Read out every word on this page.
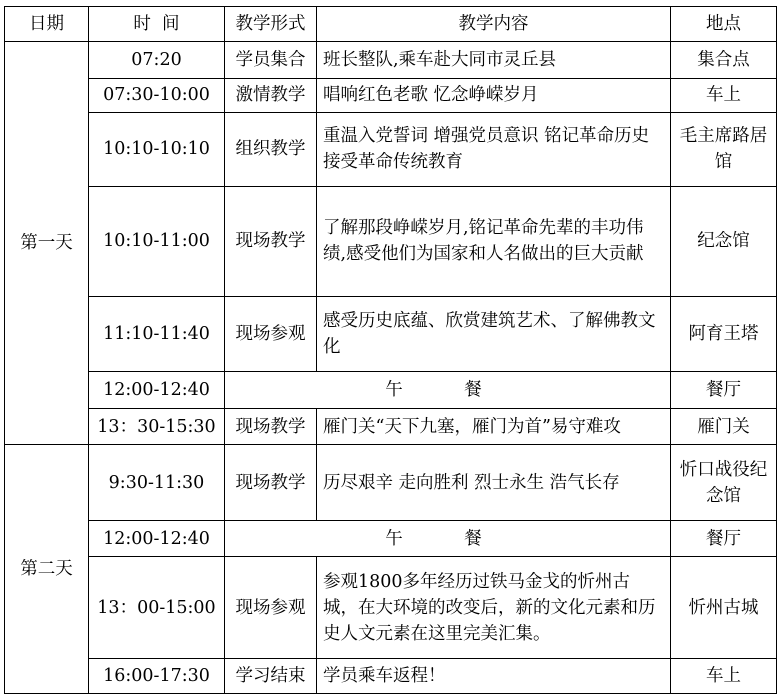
日期	时  间	教学形式	教学内容	地点
第一天	07:20	学员集合	班长整队,乘车赴大同市灵丘县	集合点
	07:30-10:00	激情教学	唱响红色老歌 忆念峥嵘岁月	车上
	10:10-10:10	组织教学	重温入党誓词 增强党员意识 铭记革命历史 接受革命传统教育	毛主席路居馆
	10:10-11:00	现场教学	了解那段峥嵘岁月,铭记革命先辈的丰功伟绩,感受他们为国家和人名做出的巨大贡献	纪念馆
	11:10-11:40	现场参观	感受历史底蕴、欣赏建筑艺术、了解佛教文化	阿育王塔
	12:00-12:40	午 餐		餐厅
	13：30-15:30	现场教学	雁门关“天下九塞，雁门为首”易守难攻	雁门关
第二天	9:30-11:30	现场教学	历尽艰辛 走向胜利 烈士永生 浩气长存	忻口战役纪念馆
	12:00-12:40	午 餐		餐厅
	13：00-15:00	现场参观	参观1800多年经历过铁马金戈的忻州古城，在大环境的改变后，新的文化元素和历史人文元素在这里完美汇集。	忻州古城
	16:00-17:30	学习结束	学员乘车返程！	车上
